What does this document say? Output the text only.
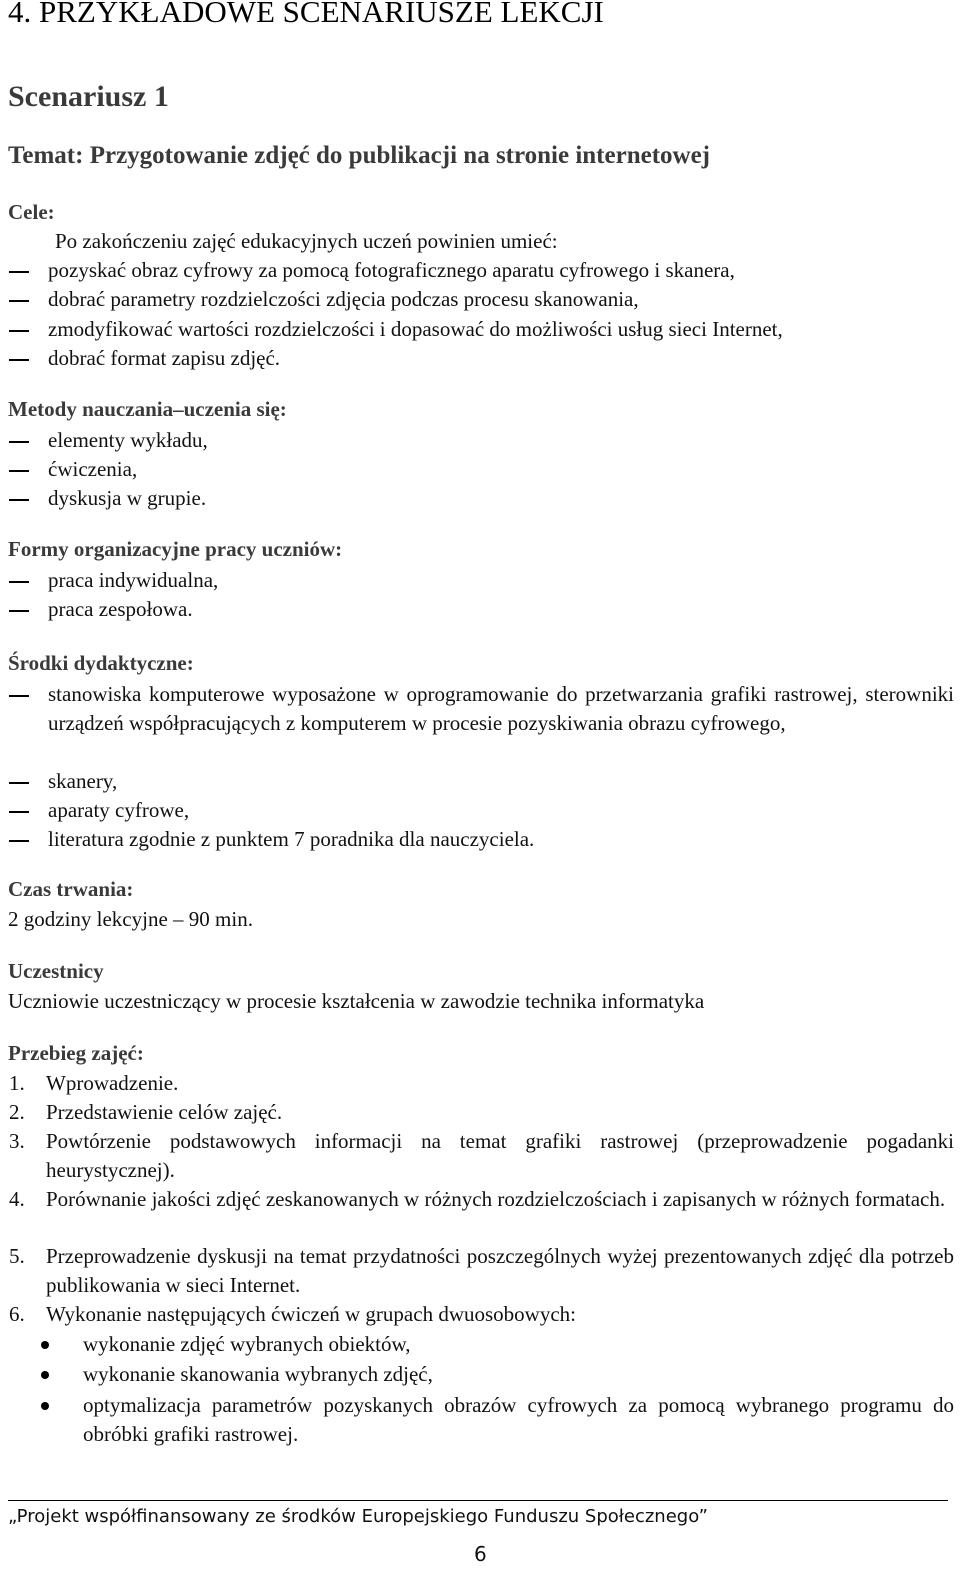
4. PRZYKŁADOWE SCENARIUSZE LEKCJI
Scenariusz 1
Temat: Przygotowanie zdjęć do publikacji na stronie internetowej
Cele:
Po zakończeniu zajęć edukacyjnych uczeń powinien umieć:
pozyskać obraz cyfrowy za pomocą fotograficznego aparatu cyfrowego i skanera,
dobrać parametry rozdzielczości zdjęcia podczas procesu skanowania,
zmodyfikować wartości rozdzielczości i dopasować do możliwości usług sieci Internet,
dobrać format zapisu zdjęć.
Metody nauczania–uczenia się:
elementy wykładu,
ćwiczenia,
dyskusja w grupie.
Formy organizacyjne pracy uczniów:
praca indywidualna,
praca zespołowa.
Środki dydaktyczne:
stanowiska komputerowe wyposażone w oprogramowanie do przetwarzania grafiki rastrowej, sterowniki urządzeń współpracujących z komputerem w procesie pozyskiwania obrazu cyfrowego,
skanery,
aparaty cyfrowe,
literatura zgodnie z punktem 7 poradnika dla nauczyciela.
Czas trwania:
2 godziny lekcyjne – 90 min.
Uczestnicy
Uczniowie uczestniczący w procesie kształcenia w zawodzie technika informatyka
Przebieg zajęć:
1. Wprowadzenie.
2. Przedstawienie celów zajęć.
3. Powtórzenie podstawowych informacji na temat grafiki rastrowej (przeprowadzenie pogadanki heurystycznej).
4. Porównanie jakości zdjęć zeskanowanych w różnych rozdzielczościach i zapisanych w różnych formatach.
5. Przeprowadzenie dyskusji na temat przydatności poszczególnych wyżej prezentowanych zdjęć dla potrzeb publikowania w sieci Internet.
6. Wykonanie następujących ćwiczeń w grupach dwuosobowych:
wykonanie zdjęć wybranych obiektów,
wykonanie skanowania wybranych zdjęć,
optymalizacja parametrów pozyskanych obrazów cyfrowych za pomocą wybranego programu do obróbki grafiki rastrowej.
„Projekt współfinansowany ze środków Europejskiego Funduszu Społecznego”
6
